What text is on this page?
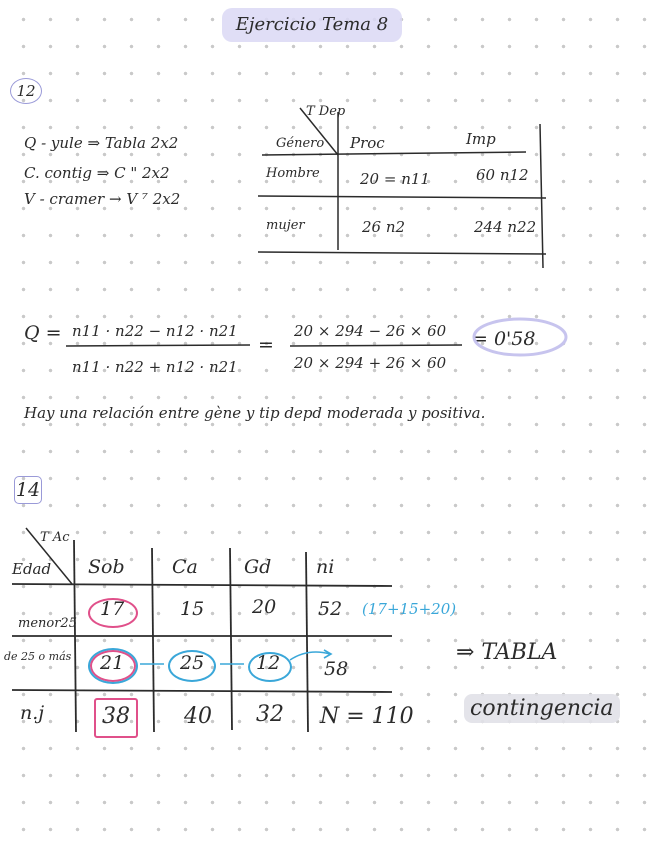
Ejercicio Tema 8
12
Q - yule ⇒ Tabla 2x2
C. contig ⇒ C " 2x2
V - cramer → V ⁷ 2x2
T Dep
Género Proc	Imp
Hombre	20 = n11	60 n12
mujer	26 n2	244 n22
Q = n11 · n22 − n12 · n21
n11 · n22 + n12 · n21
=
20 × 294 − 26 × 60
20 × 294 + 26 × 60
= 0'58
Hay una relación entre gène y tip depd moderada y positiva.
14
T Ac
Edad Sob Ca Gd ni
menor25
17	15	20 52 (17+15+20)
de 25 o más 21	25	12 58
n.j	38 40 32 N = 110
⇒ TABLA
contingencia
